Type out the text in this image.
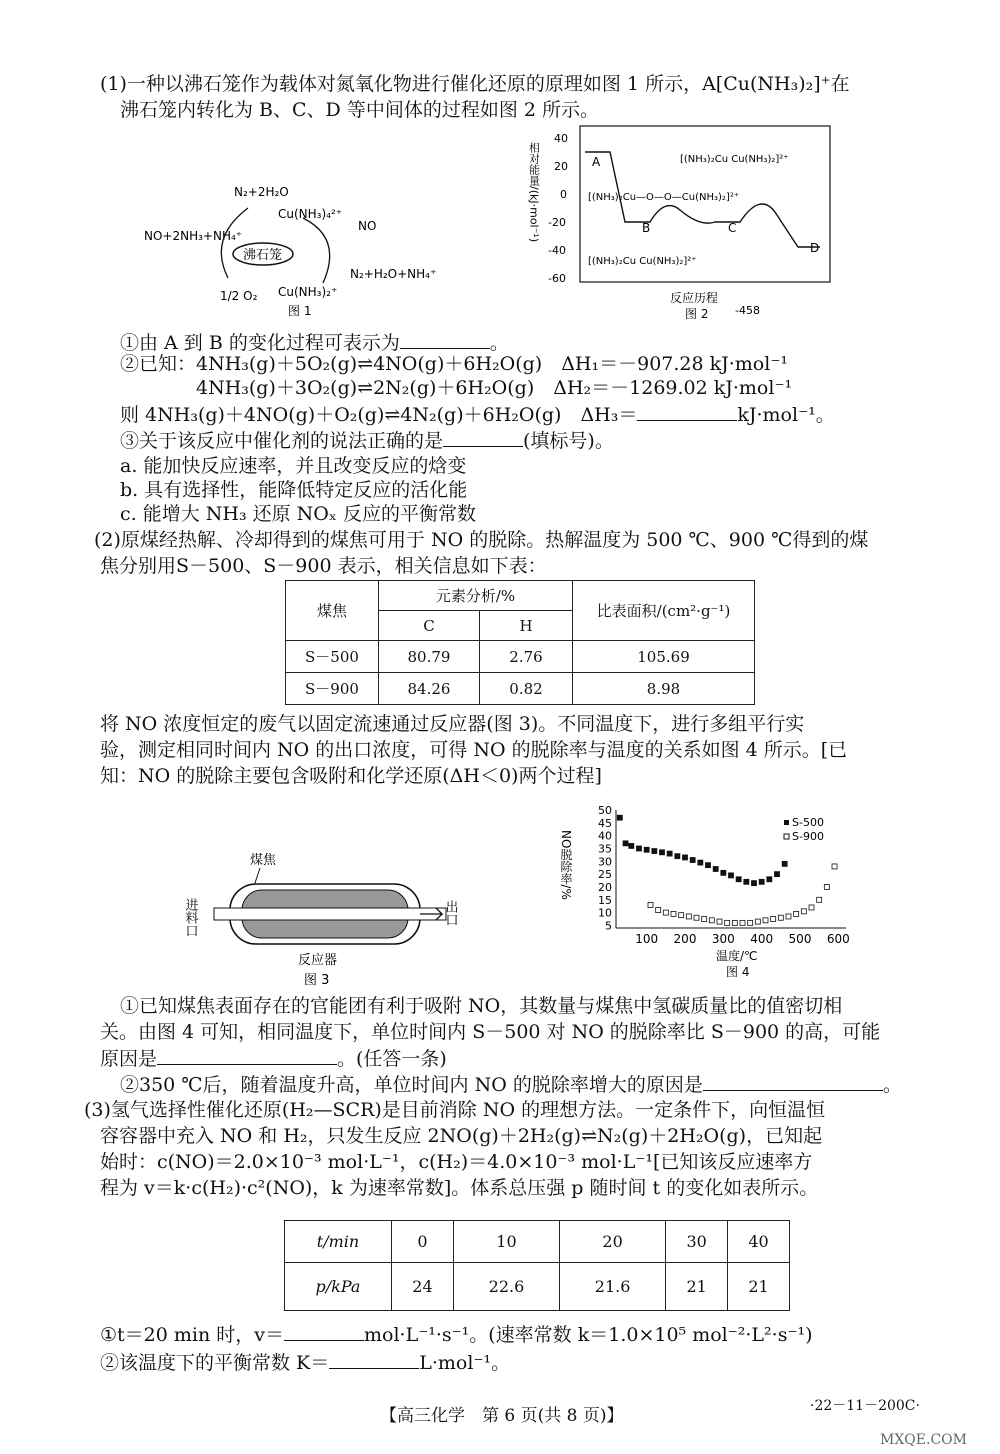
(1)一种以沸石笼作为载体对氮氧化物进行催化还原的原理如图 1 所示，A[Cu(NH₃)₂]⁺在
沸石笼内转化为 B、C、D 等中间体的过程如图 2 所示。
N₂+2H₂O
Cu(NH₃)₄²⁺
NO
NO+2NH₃+NH₄⁺
沸石笼
N₂+H₂O+NH₄⁺
1/2 O₂ Cu(NH₃)₂⁺
图 1
相对能量/(kJ·mol⁻¹)
40
20
0
-20
-40
-60
A
B	C
D
[(NH₃)₂Cu Cu(NH₃)₂]²⁺
[(NH₃)₂Cu—O—O—Cu(NH₃)₂]²⁺
[(NH₃)₂Cu Cu(NH₃)₂]²⁺
反应历程
图 2 -458
①由 A 到 B 的变化过程可表示为	。
②已知：4NH₃(g)＋5O₂(g)⇌4NO(g)＋6H₂O(g)　ΔH₁＝－907.28 kJ·mol⁻¹
4NH₃(g)＋3O₂(g)⇌2N₂(g)＋6H₂O(g)　ΔH₂＝－1269.02 kJ·mol⁻¹
则 4NH₃(g)＋4NO(g)＋O₂(g)⇌4N₂(g)＋6H₂O(g)　ΔH₃＝	kJ·mol⁻¹。
③关于该反应中催化剂的说法正确的是	(填标号)。
a. 能加快反应速率，并且改变反应的焓变
b. 具有选择性，能降低特定反应的活化能
c. 能增大 NH₃ 还原 NOₓ 反应的平衡常数
(2)原煤经热解、冷却得到的煤焦可用于 NO 的脱除。热解温度为 500 ℃、900 ℃得到的煤
焦分别用S－500、S－900 表示，相关信息如下表：
煤焦	元素分析/%		比表面积/(cm²·g⁻¹)
	C	H	
S－500	80.79	2.76	105.69
S－900	84.26	0.82	8.98
将 NO 浓度恒定的废气以固定流速通过反应器(图 3)。不同温度下，进行多组平行实
验，测定相同时间内 NO 的出口浓度，可得 NO 的脱除率与温度的关系如图 4 所示。[已
知：NO 的脱除主要包含吸附和化学还原(ΔH＜0)两个过程]
煤焦
进料口	出口
反应器
图 3
NO脱除率/%
5
10
15
20
25
30
35
40
45
50
100 200 300 400 500 600
S-500
S-900
温度/℃
图 4
①已知煤焦表面存在的官能团有利于吸附 NO，其数量与煤焦中氢碳质量比的值密切相
关。由图 4 可知，相同温度下，单位时间内 S－500 对 NO 的脱除率比 S－900 的高，可能
原因是	。(任答一条)
②350 ℃后，随着温度升高，单位时间内 NO 的脱除率增大的原因是	。
(3)氢气选择性催化还原(H₂—SCR)是目前消除 NO 的理想方法。一定条件下，向恒温恒
容容器中充入 NO 和 H₂，只发生反应 2NO(g)＋2H₂(g)⇌N₂(g)＋2H₂O(g)，已知起
始时：c(NO)＝2.0×10⁻³ mol·L⁻¹，c(H₂)＝4.0×10⁻³ mol·L⁻¹[已知该反应速率方
程为 v＝k·c(H₂)·c²(NO)，k 为速率常数]。体系总压强 p 随时间 t 的变化如表所示。
t/min	0	10	20	30	40
p/kPa	24	22.6	21.6	21	21
①t＝20 min 时，v＝	mol·L⁻¹·s⁻¹。(速率常数 k＝1.0×10⁵ mol⁻²·L²·s⁻¹)
②该温度下的平衡常数 K＝	L·mol⁻¹。
【高三化学　第 6 页(共 8 页)】	·22－11－200C·
MXQE.COM
